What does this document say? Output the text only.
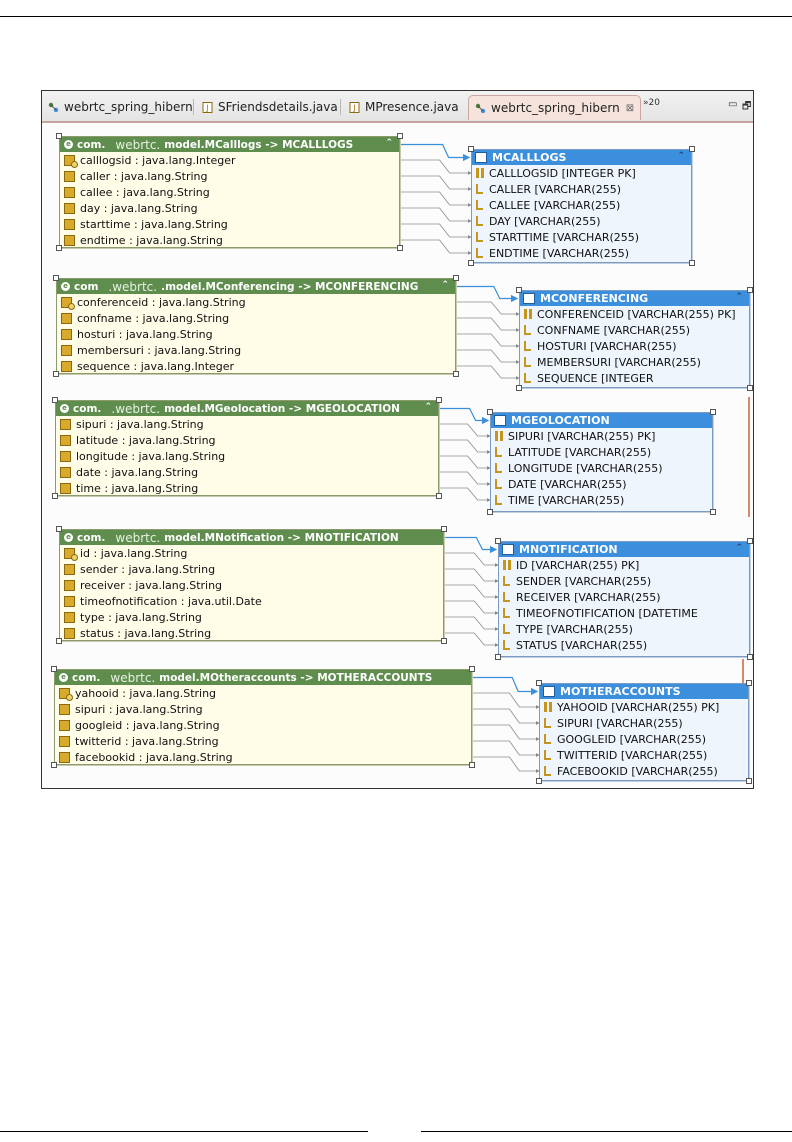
webrtc_spring_hibern J SFriendsdetails.java J MPresence.java	webrtc_spring_hibern ⊠ »20	▭ 🗗
e com. webrtc. model.MCalllogs -> MCALLLOGS	⌃
calllogsid : java.lang.Integer
caller : java.lang.String
callee : java.lang.String
day : java.lang.String
starttime : java.lang.String
endtime : java.lang.String
MCALLLOGS	⌃
CALLLOGSID [INTEGER PK]
CALLER [VARCHAR(255)
CALLEE [VARCHAR(255)
DAY [VARCHAR(255)
STARTTIME [VARCHAR(255)
ENDTIME [VARCHAR(255)
e com .webrtc. .model.MConferencing -> MCONFERENCING	⌃
conferenceid : java.lang.String
confname : java.lang.String
hosturi : java.lang.String
membersuri : java.lang.String
sequence : java.lang.Integer
MCONFERENCING	⌃
CONFERENCEID [VARCHAR(255) PK]
CONFNAME [VARCHAR(255)
HOSTURI [VARCHAR(255)
MEMBERSURI [VARCHAR(255)
SEQUENCE [INTEGER
e com. .webrtc. model.MGeolocation -> MGEOLOCATION	⌃
sipuri : java.lang.String
latitude : java.lang.String
longitude : java.lang.String
date : java.lang.String
time : java.lang.String
MGEOLOCATION
SIPURI [VARCHAR(255) PK]
LATITUDE [VARCHAR(255)
LONGITUDE [VARCHAR(255)
DATE [VARCHAR(255)
TIME [VARCHAR(255)
e com. webrtc. model.MNotification -> MNOTIFICATION
id : java.lang.String
sender : java.lang.String
receiver : java.lang.String
timeofnotification : java.util.Date
type : java.lang.String
status : java.lang.String
MNOTIFICATION	⌃
ID [VARCHAR(255) PK]
SENDER [VARCHAR(255)
RECEIVER [VARCHAR(255)
TIMEOFNOTIFICATION [DATETIME
TYPE [VARCHAR(255)
STATUS [VARCHAR(255)
e com. webrtc. model.MOtheraccounts -> MOTHERACCOUNTS
yahooid : java.lang.String
sipuri : java.lang.String
googleid : java.lang.String
twitterid : java.lang.String
facebookid : java.lang.String
MOTHERACCOUNTS
YAHOOID [VARCHAR(255) PK]
SIPURI [VARCHAR(255)
GOOGLEID [VARCHAR(255)
TWITTERID [VARCHAR(255)
FACEBOOKID [VARCHAR(255)
